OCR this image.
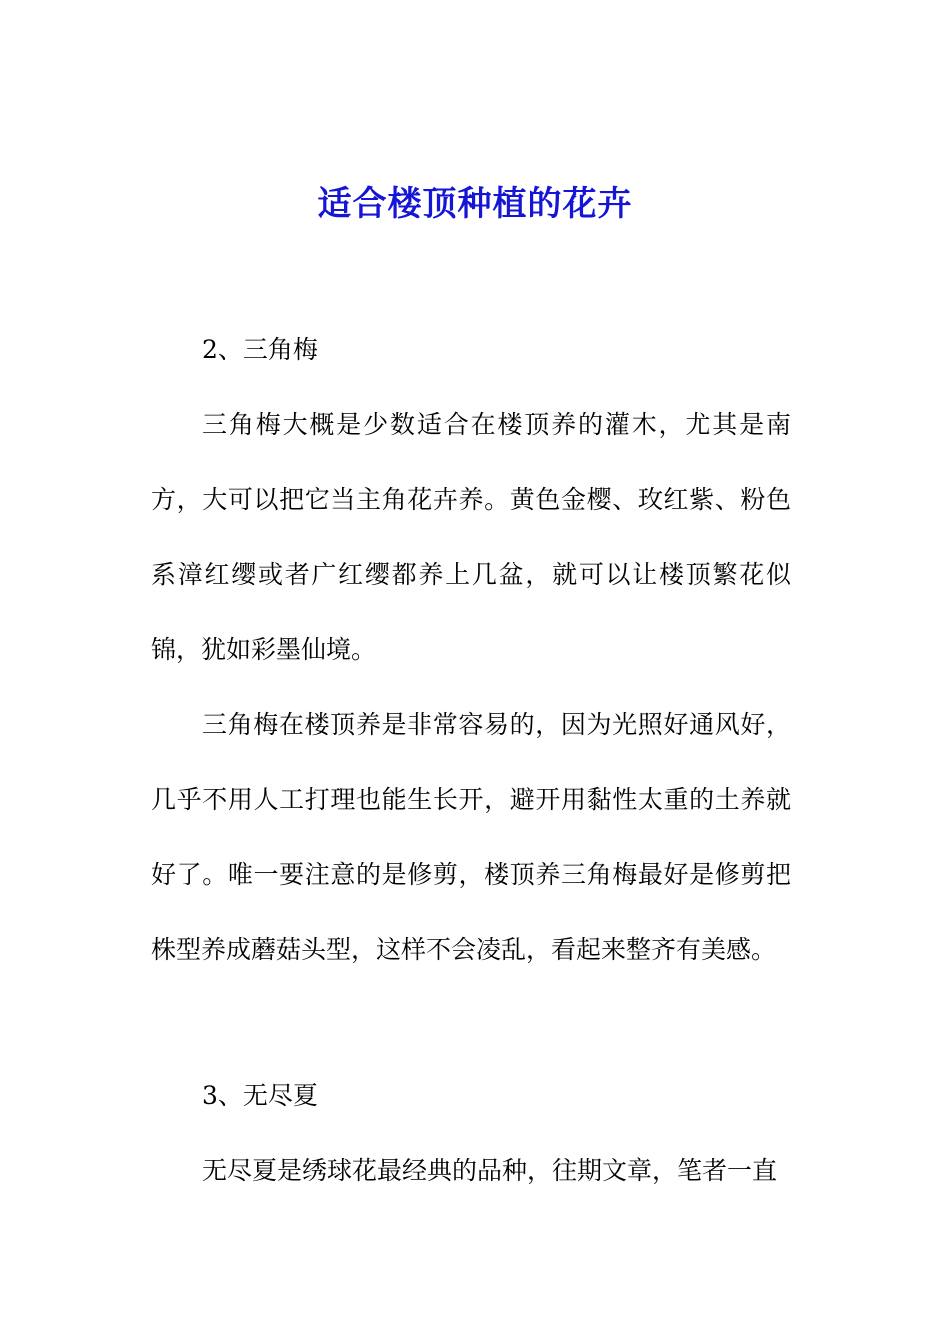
适合楼顶种植的花卉
2、三角梅

三角梅大概是少数适合在楼顶养的灌木，尤其是南方，大可以把它当主角花卉养。黄色金樱、玫红紫、粉色系漳红缨或者广红缨都养上几盆，就可以让楼顶繁花似锦，犹如彩墨仙境。

三角梅在楼顶养是非常容易的，因为光照好通风好，几乎不用人工打理也能生长开，避开用黏性太重的土养就好了。唯一要注意的是修剪，楼顶养三角梅最好是修剪把株型养成蘑菇头型，这样不会凌乱，看起来整齐有美感。

3、无尽夏

无尽夏是绣球花最经典的品种，往期文章，笔者一直
